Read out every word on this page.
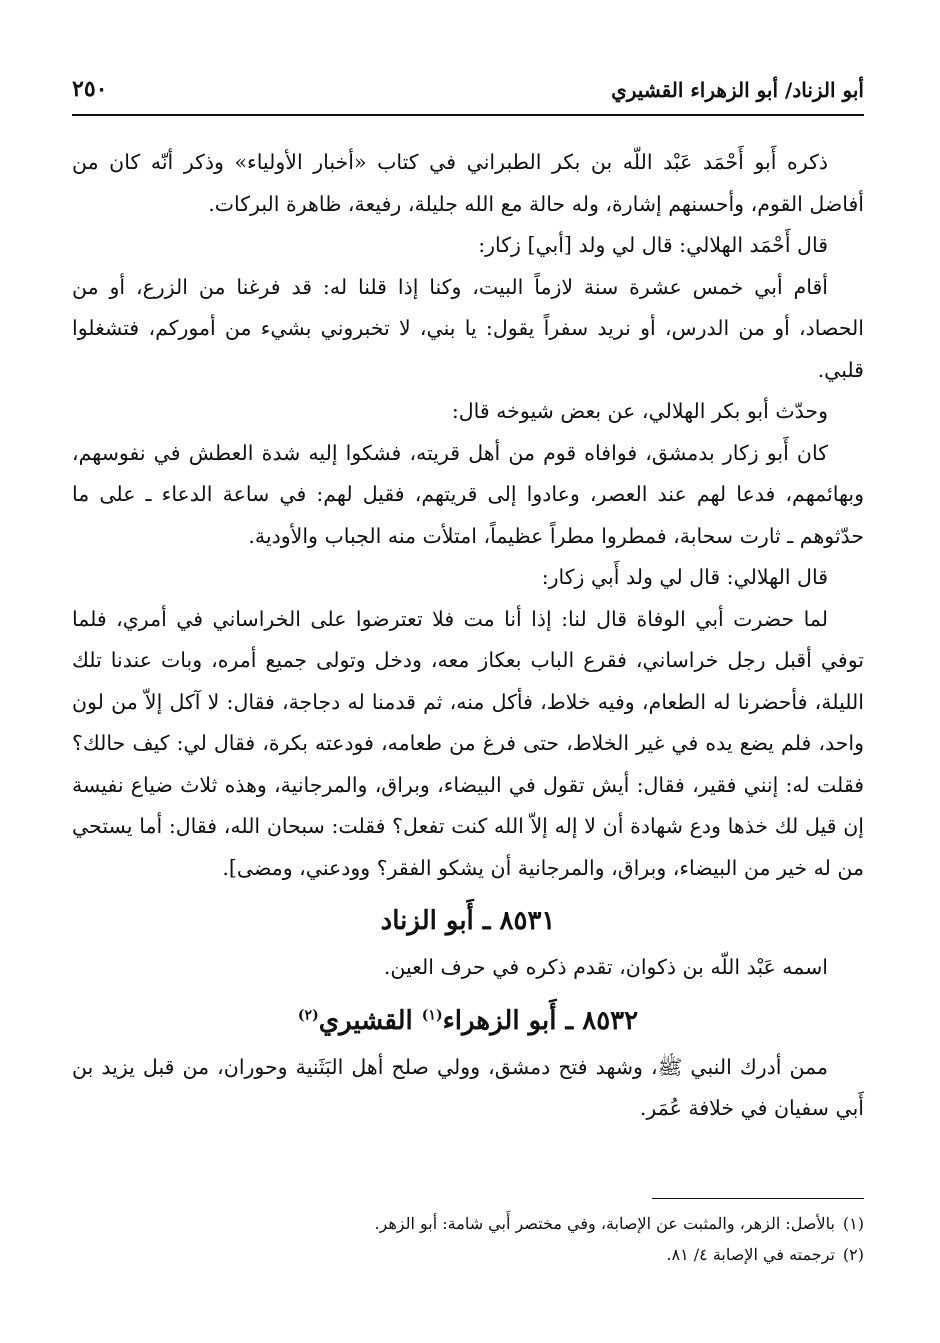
أبو الزناد/ أبو الزهراء القشيري
٢٥٠

ذكره أَبو أَحْمَد عَبْد اللّه بن بكر الطبراني في كتاب «أخبار الأولياء» وذكر أنّه كان من أفاضل القوم، وأحسنهم إشارة، وله حالة مع الله جليلة، رفيعة، ظاهرة البركات.

قال أَحْمَد الهلالي: قال لي ولد [أبي] زكار:

أقام أبي خمس عشرة سنة لازماً البيت، وكنا إذا قلنا له: قد فرغنا من الزرع، أو من الحصاد، أو من الدرس، أو نريد سفراً يقول: يا بني، لا تخبروني بشيء من أموركم، فتشغلوا قلبي.

وحدّث أبو بكر الهلالي، عن بعض شيوخه قال:

كان أَبو زكار بدمشق، فوافاه قوم من أهل قريته، فشكوا إليه شدة العطش في نفوسهم، وبهائمهم، فدعا لهم عند العصر، وعادوا إلى قريتهم، فقيل لهم: في ساعة الدعاء ـ على ما حدّثوهم ـ ثارت سحابة، فمطروا مطراً عظيماً، امتلأت منه الجباب والأودية.

قال الهلالي: قال لي ولد أَبي زكار:

لما حضرت أبي الوفاة قال لنا: إذا أنا مت فلا تعترضوا على الخراساني في أمري، فلما توفي أقبل رجل خراساني، فقرع الباب بعكاز معه، ودخل وتولى جميع أمره، وبات عندنا تلك الليلة، فأحضرنا له الطعام، وفيه خلاط، فأكل منه، ثم قدمنا له دجاجة، فقال: لا آكل إلاّ من لون واحد، فلم يضع يده في غير الخلاط، حتى فرغ من طعامه، فودعته بكرة، فقال لي: كيف حالك؟ فقلت له: إنني فقير، فقال: أيش تقول في البيضاء، وبراق، والمرجانية، وهذه ثلاث ضياع نفيسة إن قيل لك خذها ودع شهادة أن لا إله إلاّ الله كنت تفعل؟ فقلت: سبحان الله، فقال: أما يستحي من له خير من البيضاء، وبراق، والمرجانية أن يشكو الفقر؟ وودعني، ومضى].

٨٥٣١ ـ أَبو الزناد

اسمه عَبْد اللّه بن ذكوان، تقدم ذكره في حرف العين.

٨٥٣٢ ـ أَبو الزهراء$^{(١)}$ القشيري$^{(٢)}$

ممن أدرك النبي ﷺ، وشهد فتح دمشق، وولي صلح أهل البَثَنية وحوران، من قبل يزيد بن أَبي سفيان في خلافة عُمَر.

(١)بالأصل: الزهر، والمثبت عن الإصابة، وفي مختصر أَبي شامة: أبو الزهر.
(٢)ترجمته في الإصابة ٤/ ٨١.
